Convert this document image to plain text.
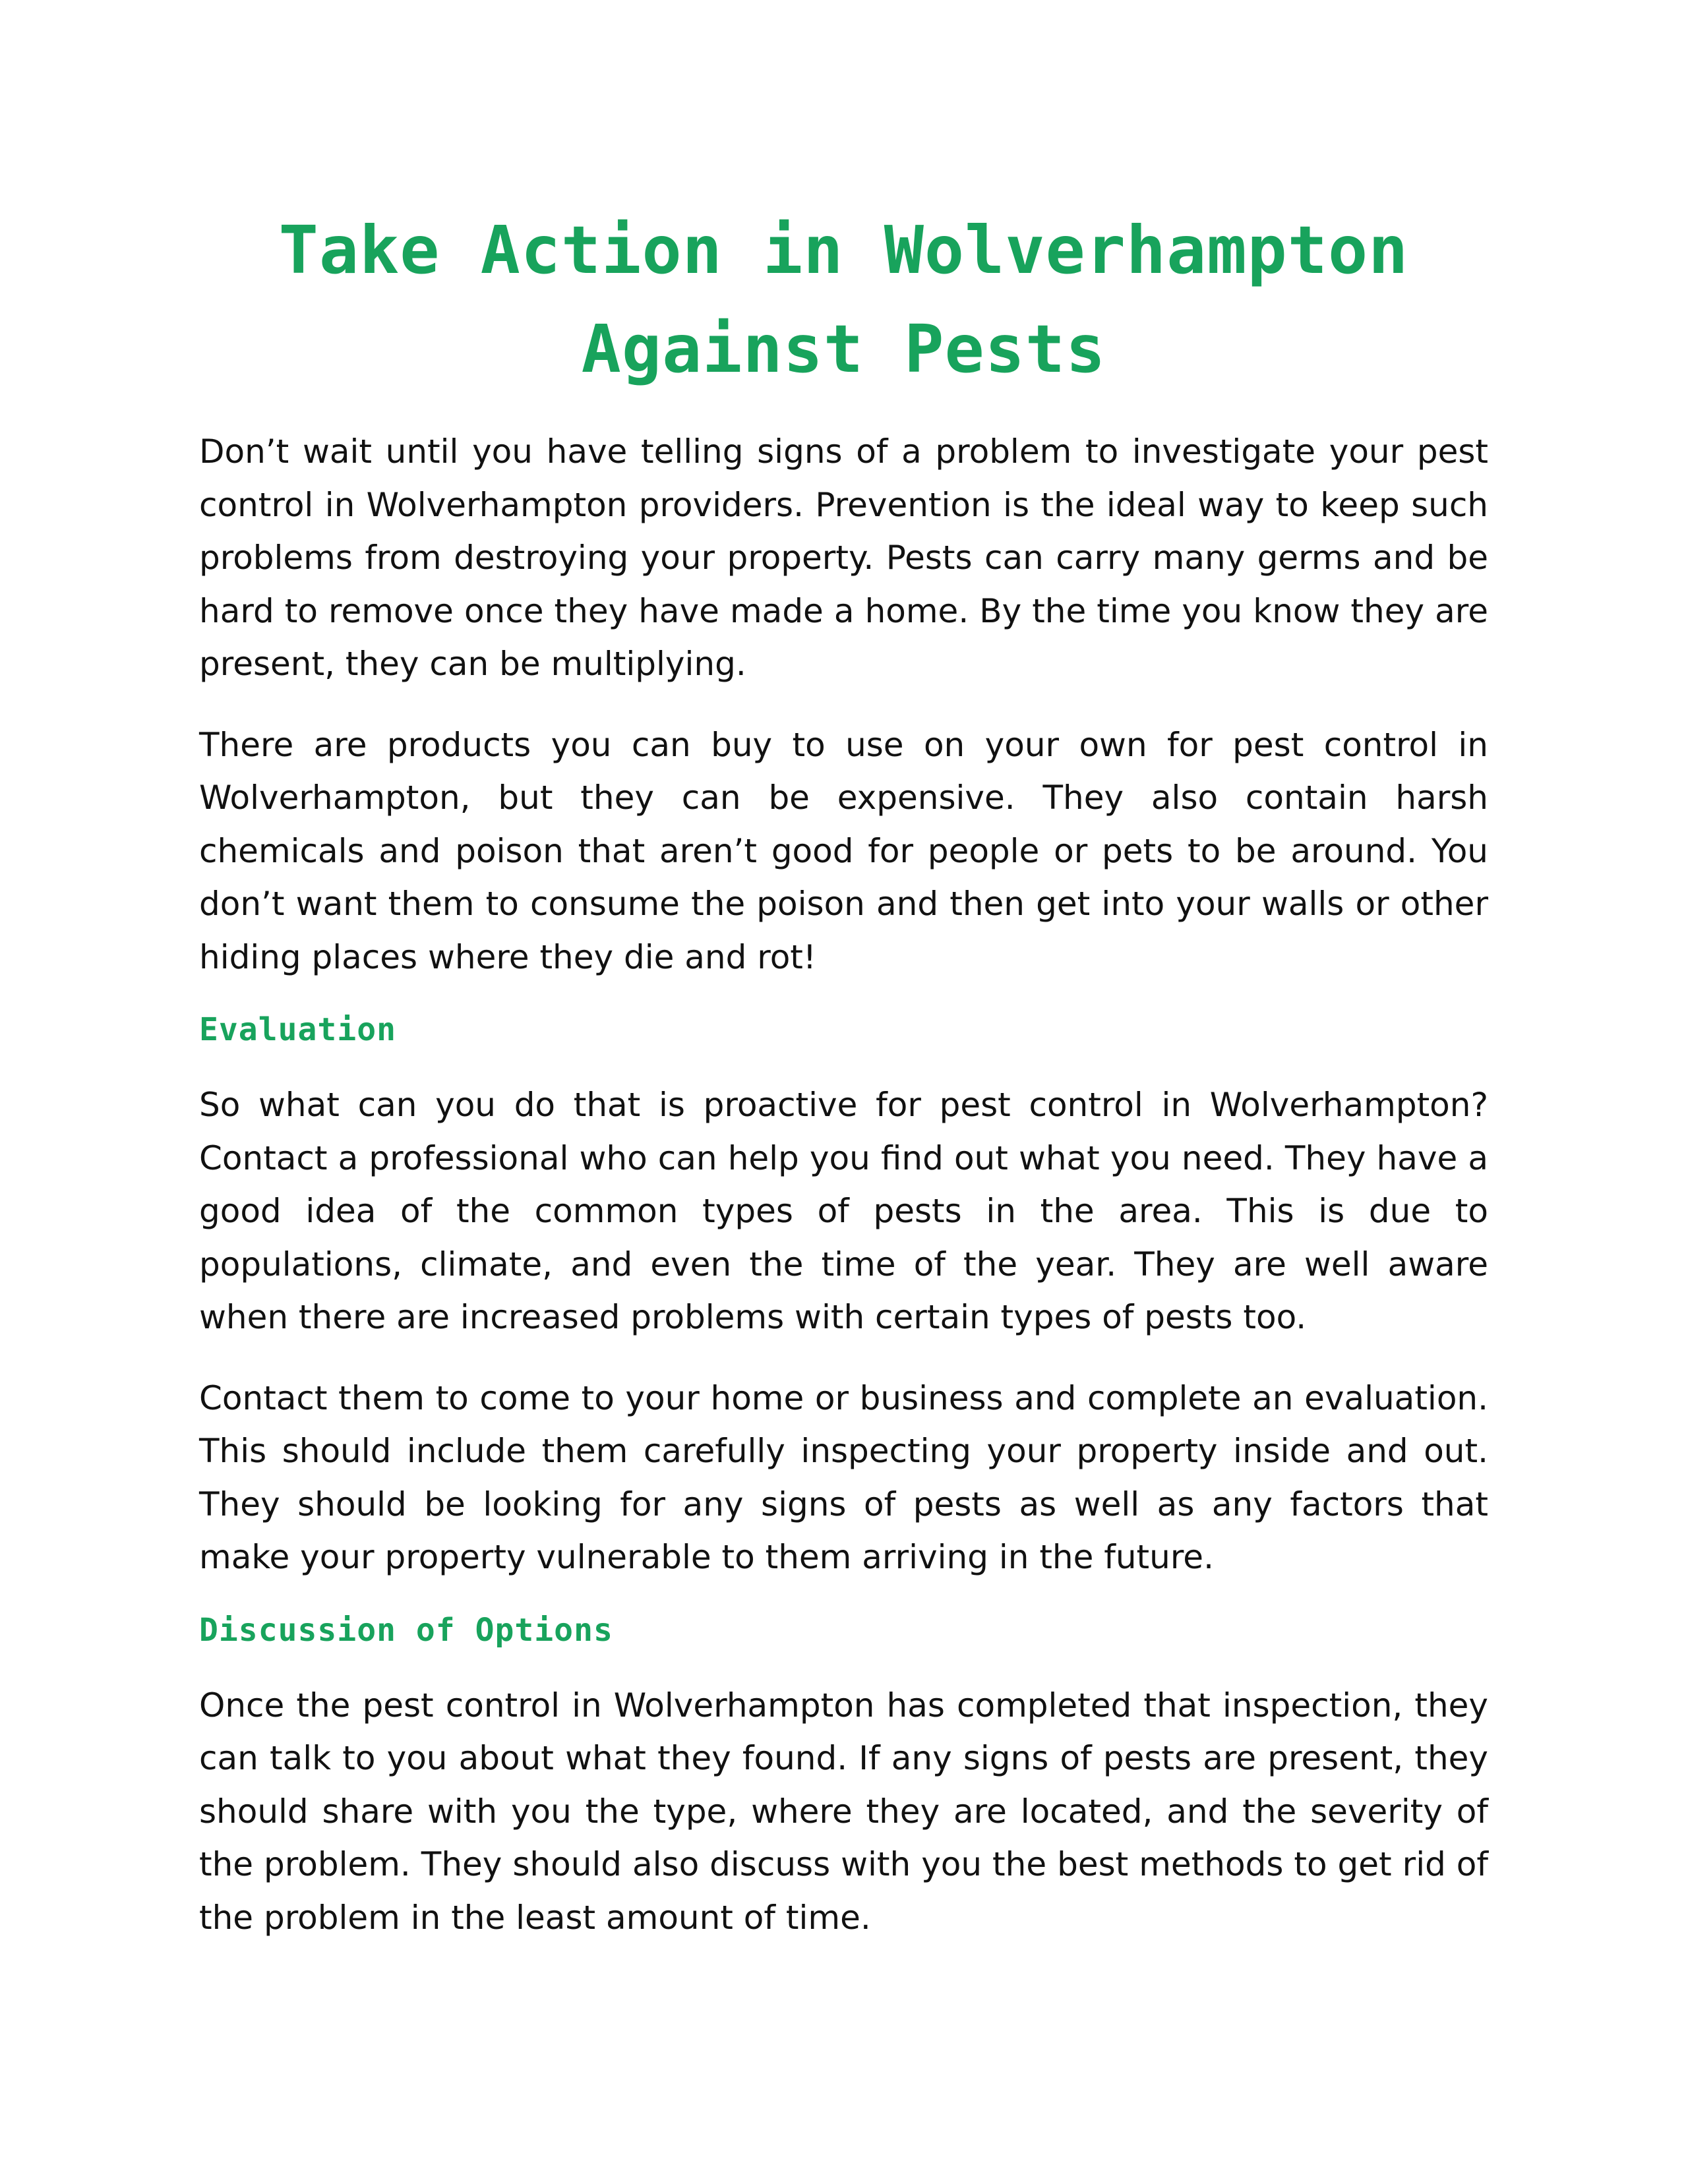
Take Action in Wolverhampton
Against Pests

Don’t wait until you have telling signs of a problem to investigate your pest control in Wolverhampton providers. Prevention is the ideal way to keep such problems from destroying your property. Pests can carry many germs and be hard to remove once they have made a home. By the time you know they are present, they can be multiplying.

There are products you can buy to use on your own for pest control in Wolverhampton, but they can be expensive. They also contain harsh chemicals and poison that aren’t good for people or pets to be around. You don’t want them to consume the poison and then get into your walls or other hiding places where they die and rot!

Evaluation

So what can you do that is proactive for pest control in Wolverhampton? Contact a professional who can help you find out what you need. They have a good idea of the common types of pests in the area. This is due to populations, climate, and even the time of the year. They are well aware when there are increased problems with certain types of pests too.

Contact them to come to your home or business and complete an evaluation. This should include them carefully inspecting your property inside and out. They should be looking for any signs of pests as well as any factors that make your property vulnerable to them arriving in the future.

Discussion of Options

Once the pest control in Wolverhampton has completed that inspection, they can talk to you about what they found. If any signs of pests are present, they should share with you the type, where they are located, and the severity of the problem. They should also discuss with you the best methods to get rid of the problem in the least amount of time.
